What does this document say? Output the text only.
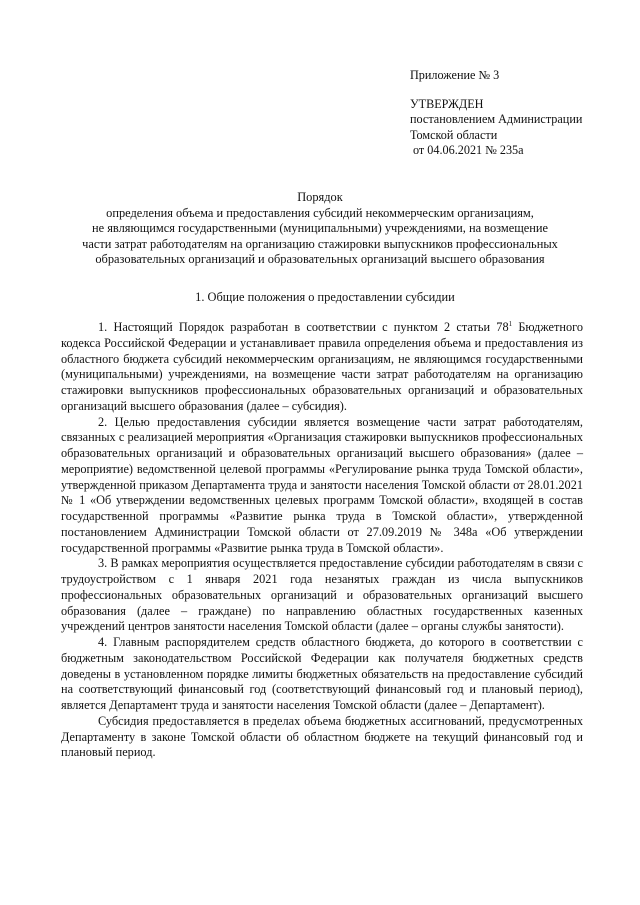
Приложение № 3
УТВЕРЖДЕН
постановлением Администрации
Томской области
от 04.06.2021 № 235а
Порядок
определения объема и предоставления субсидий некоммерческим организациям,
не являющимся государственными (муниципальными) учреждениями, на возмещение
части затрат работодателям на организацию стажировки выпускников профессиональных
образовательных организаций и образовательных организаций высшего образования
1. Общие положения о предоставлении субсидии

1. Настоящий Порядок разработан в соответствии с пунктом 2 статьи $78^1$ Бюджетного кодекса Российской Федерации и устанавливает правила определения объема и предоставления из областного бюджета субсидий некоммерческим организациям, не являющимся государственными (муниципальными) учреждениями, на возмещение части затрат работодателям на организацию стажировки выпускников профессиональных образовательных организаций и образовательных организаций высшего образования (далее – субсидия).

2. Целью предоставления субсидии является возмещение части затрат работодателям, связанных с реализацией мероприятия «Организация стажировки выпускников профессиональных образовательных организаций и образовательных организаций высшего образования» (далее – мероприятие) ведомственной целевой программы «Регулирование рынка труда Томской области», утвержденной приказом Департамента труда и занятости населения Томской области от 28.01.2021 № 1 «Об утверждении ведомственных целевых программ Томской области», входящей в состав государственной программы «Развитие рынка труда в Томской области», утвержденной постановлением Администрации Томской области от 27.09.2019 № 348а «Об утверждении государственной программы «Развитие рынка труда в Томской области».

3. В рамках мероприятия осуществляется предоставление субсидии работодателям в связи с трудоустройством с 1 января 2021 года незанятых граждан из числа выпускников профессиональных образовательных организаций и образовательных организаций высшего образования (далее – граждане) по направлению областных государственных казенных учреждений центров занятости населения Томской области (далее – органы службы занятости).

4. Главным распорядителем средств областного бюджета, до которого в соответствии с бюджетным законодательством Российской Федерации как получателя бюджетных средств доведены в установленном порядке лимиты бюджетных обязательств на предоставление субсидий на соответствующий финансовый год (соответствующий финансовый год и плановый период), является Департамент труда и занятости населения Томской области (далее – Департамент).

Субсидия предоставляется в пределах объема бюджетных ассигнований, предусмотренных Департаменту в законе Томской области об областном бюджете на текущий финансовый год и плановый период.
